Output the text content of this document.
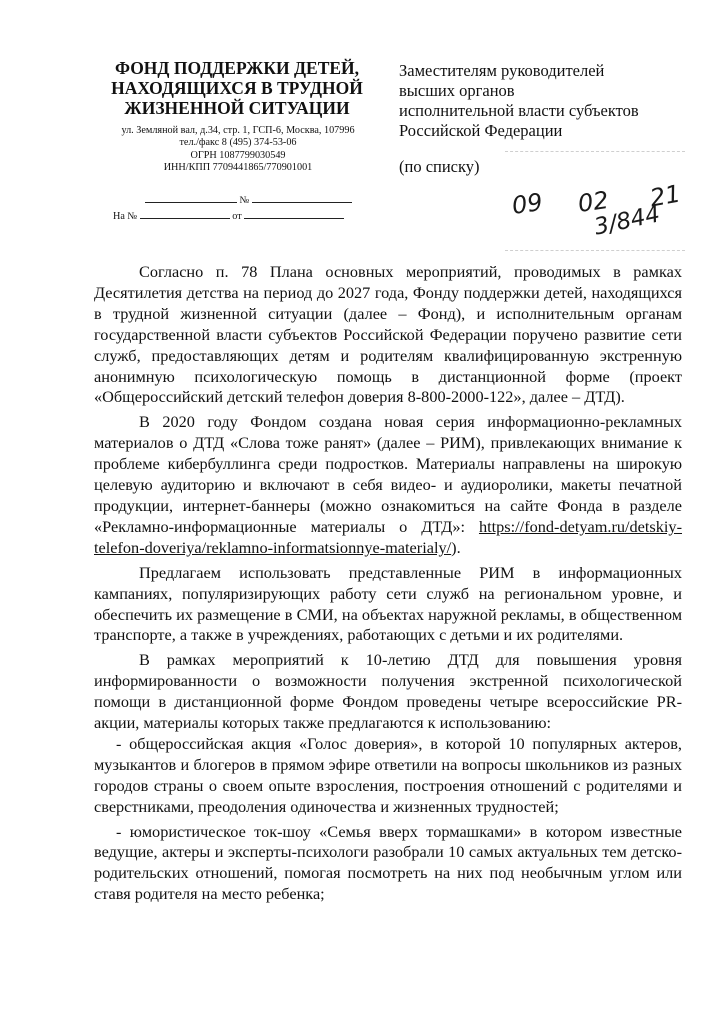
ФОНД ПОДДЕРЖКИ ДЕТЕЙ,
НАХОДЯЩИХСЯ В ТРУДНОЙ
ЖИЗНЕННОЙ СИТУАЦИИ
ул. Земляной вал, д.34, стр. 1, ГСП-6, Москва, 107996
тел./факс 8 (495) 374-53-06
ОГРН 1087799030549
ИНН/КПП 7709441865/770901001
№
На №	от
Заместителям руководителей
высших органов
исполнительной власти субъектов
Российской Федерации
(по списку)
09 02 21
3/844

Согласно п. 78 Плана основных мероприятий, проводимых в рамках Десятилетия детства на период до 2027 года, Фонду поддержки детей, находящихся в трудной жизненной ситуации (далее – Фонд), и исполнительным органам государственной власти субъектов Российской Федерации поручено развитие сети служб, предоставляющих детям и родителям квалифицированную экстренную анонимную психологическую помощь в дистанционной форме (проект «Общероссийский детский телефон доверия 8-800-2000-122», далее – ДТД).

В 2020 году Фондом создана новая серия информационно-рекламных материалов о ДТД «Слова тоже ранят» (далее – РИМ), привлекающих внимание к проблеме кибербуллинга среди подростков. Материалы направлены на широкую целевую аудиторию и включают в себя видео- и аудиоролики, макеты печатной продукции, интернет-баннеры (можно ознакомиться на сайте Фонда в разделе «Рекламно-информационные материалы о ДТД»: https://fond-detyam.ru/detskiy-telefon-doveriya/reklamno-informatsionnye-materialy/).

Предлагаем использовать представленные РИМ в информационных кампаниях, популяризирующих работу сети служб на региональном уровне, и обеспечить их размещение в СМИ, на объектах наружной рекламы, в общественном транспорте, а также в учреждениях, работающих с детьми и их родителями.

В рамках мероприятий к 10-летию ДТД для повышения уровня информированности о возможности получения экстренной психологической помощи в дистанционной форме Фондом проведены четыре всероссийские PR-акции, материалы которых также предлагаются к использованию:

- общероссийская акция «Голос доверия», в которой 10 популярных актеров, музыкантов и блогеров в прямом эфире ответили на вопросы школьников из разных городов страны о своем опыте взросления, построения отношений с родителями и сверстниками, преодоления одиночества и жизненных трудностей;

- юмористическое ток-шоу «Семья вверх тормашками» в котором известные ведущие, актеры и эксперты-психологи разобрали 10 самых актуальных тем детско-родительских отношений, помогая посмотреть на них под необычным углом или ставя родителя на место ребенка;
